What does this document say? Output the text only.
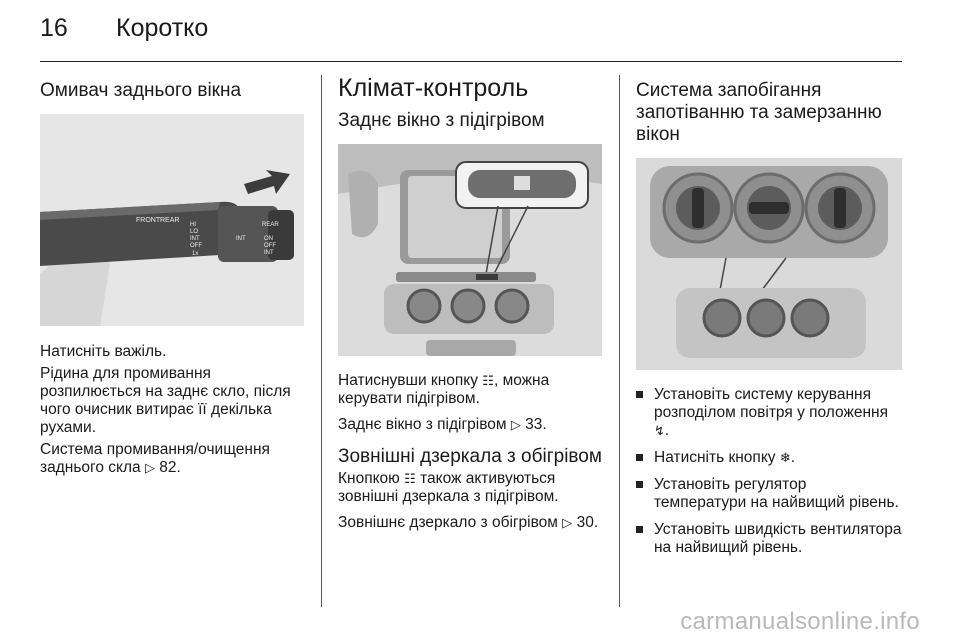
16	Коротко
Омивач заднього вікна
FRONT REAR
HI
LO
INT
OFF
1x
INT
REAR
ON
OFF
INT

Натисніть важіль.

Рідина для промивання розпилюється на заднє скло, після чого очисник витирає її декілька рухами.

Система промивання/очищення заднього скла ▷ 82.

Клімат-контроль
Заднє вікно з підігрівом

Натиснувши кнопку ☷, можна керувати підігрівом.

Заднє вікно з підігрівом ▷ 33.

Зовнішні дзеркала з обігрівом

Кнопкою ☷ також активуються зовнішні дзеркала з підігрівом.

Зовнішнє дзеркало з обігрівом ▷ 30.

Система запобігання запотіванню та замерзанню вікон
Установіть систему керування розподілом повітря у положення ↯.
Натисніть кнопку ❄.
Установіть регулятор температури на найвищий рівень.
Установіть швидкість вентилятора на найвищий рівень.
carmanualsonline.info
